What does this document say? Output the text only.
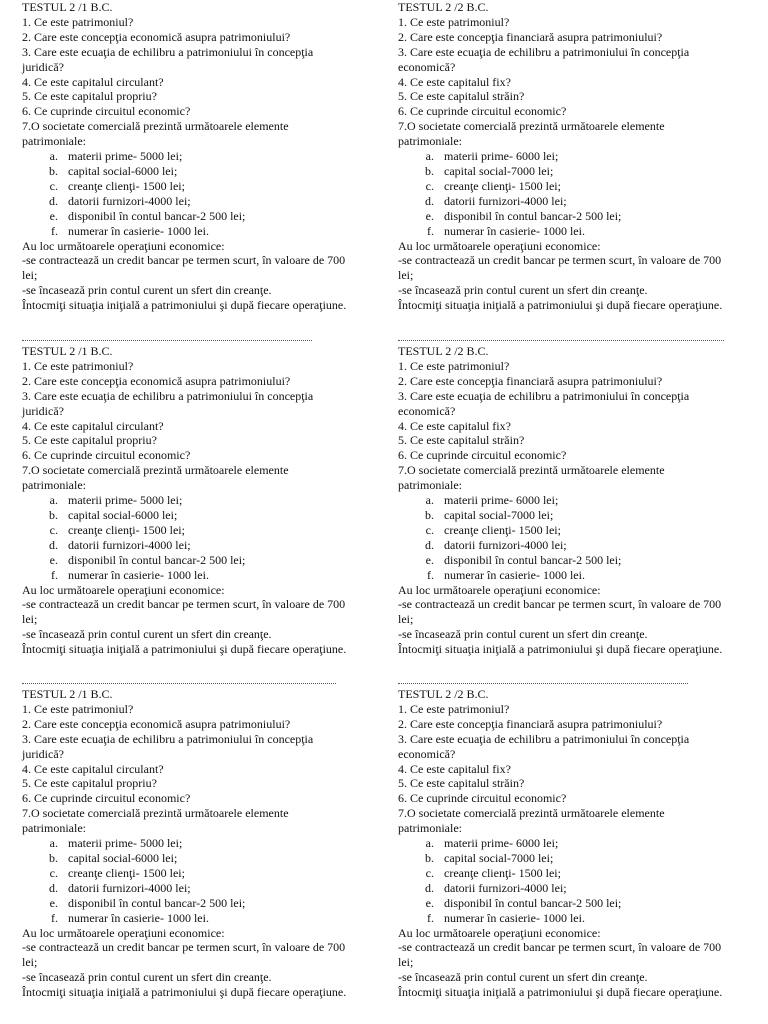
TESTUL 2 /1 B.C.

1. Ce este patrimoniul?

2. Care este concepţia economică asupra patrimoniului?

3. Care este ecuaţia de echilibru a patrimoniului în concepţia juridică?

4. Ce este capitalul circulant?

5. Ce este capitalul propriu?

6. Ce cuprinde circuitul economic?

7.O societate comercială prezintă următoarele elemente patrimoniale:

a. materii prime- 5000 lei;
b. capital social-6000 lei;
c. creanţe clienţi- 1500 lei;
d. datorii furnizori-4000 lei;
e. disponibil în contul bancar-2 500 lei;
f. numerar în casierie- 1000 lei.

Au loc următoarele operaţiuni economice:

-se contractează un credit bancar pe termen scurt, în valoare de 700 lei;

-se încasează prin contul curent un sfert din creanţe.

Întocmiţi situaţia iniţială a patrimoniului şi după fiecare operaţiune.

TESTUL 2 /2 B.C.

1. Ce este patrimoniul?

2. Care este concepţia financiară asupra patrimoniului?

3. Care este ecuaţia de echilibru a patrimoniului în concepţia economică?

4. Ce este capitalul fix?

5. Ce este capitalul străin?

6. Ce cuprinde circuitul economic?

7.O societate comercială prezintă următoarele elemente patrimoniale:

a. materii prime- 6000 lei;
b. capital social-7000 lei;
c. creanţe clienţi- 1500 lei;
d. datorii furnizori-4000 lei;
e. disponibil în contul bancar-2 500 lei;
f. numerar în casierie- 1000 lei.

Au loc următoarele operaţiuni economice:

-se contractează un credit bancar pe termen scurt, în valoare de 700 lei;

-se încasează prin contul curent un sfert din creanţe.

Întocmiţi situaţia iniţială a patrimoniului şi după fiecare operaţiune.

TESTUL 2 /1 B.C.

1. Ce este patrimoniul?

2. Care este concepţia economică asupra patrimoniului?

3. Care este ecuaţia de echilibru a patrimoniului în concepţia juridică?

4. Ce este capitalul circulant?

5. Ce este capitalul propriu?

6. Ce cuprinde circuitul economic?

7.O societate comercială prezintă următoarele elemente patrimoniale:

a. materii prime- 5000 lei;
b. capital social-6000 lei;
c. creanţe clienţi- 1500 lei;
d. datorii furnizori-4000 lei;
e. disponibil în contul bancar-2 500 lei;
f. numerar în casierie- 1000 lei.

Au loc următoarele operaţiuni economice:

-se contractează un credit bancar pe termen scurt, în valoare de 700 lei;

-se încasează prin contul curent un sfert din creanţe.

Întocmiţi situaţia iniţială a patrimoniului şi după fiecare operaţiune.

TESTUL 2 /2 B.C.

1. Ce este patrimoniul?

2. Care este concepţia financiară asupra patrimoniului?

3. Care este ecuaţia de echilibru a patrimoniului în concepţia economică?

4. Ce este capitalul fix?

5. Ce este capitalul străin?

6. Ce cuprinde circuitul economic?

7.O societate comercială prezintă următoarele elemente patrimoniale:

a. materii prime- 6000 lei;
b. capital social-7000 lei;
c. creanţe clienţi- 1500 lei;
d. datorii furnizori-4000 lei;
e. disponibil în contul bancar-2 500 lei;
f. numerar în casierie- 1000 lei.

Au loc următoarele operaţiuni economice:

-se contractează un credit bancar pe termen scurt, în valoare de 700 lei;

-se încasează prin contul curent un sfert din creanţe.

Întocmiţi situaţia iniţială a patrimoniului şi după fiecare operaţiune.

TESTUL 2 /1 B.C.

1. Ce este patrimoniul?

2. Care este concepţia economică asupra patrimoniului?

3. Care este ecuaţia de echilibru a patrimoniului în concepţia juridică?

4. Ce este capitalul circulant?

5. Ce este capitalul propriu?

6. Ce cuprinde circuitul economic?

7.O societate comercială prezintă următoarele elemente patrimoniale:

a. materii prime- 5000 lei;
b. capital social-6000 lei;
c. creanţe clienţi- 1500 lei;
d. datorii furnizori-4000 lei;
e. disponibil în contul bancar-2 500 lei;
f. numerar în casierie- 1000 lei.

Au loc următoarele operaţiuni economice:

-se contractează un credit bancar pe termen scurt, în valoare de 700 lei;

-se încasează prin contul curent un sfert din creanţe.

Întocmiţi situaţia iniţială a patrimoniului şi după fiecare operaţiune.

TESTUL 2 /2 B.C.

1. Ce este patrimoniul?

2. Care este concepţia financiară asupra patrimoniului?

3. Care este ecuaţia de echilibru a patrimoniului în concepţia economică?

4. Ce este capitalul fix?

5. Ce este capitalul străin?

6. Ce cuprinde circuitul economic?

7.O societate comercială prezintă următoarele elemente patrimoniale:

a. materii prime- 6000 lei;
b. capital social-7000 lei;
c. creanţe clienţi- 1500 lei;
d. datorii furnizori-4000 lei;
e. disponibil în contul bancar-2 500 lei;
f. numerar în casierie- 1000 lei.

Au loc următoarele operaţiuni economice:

-se contractează un credit bancar pe termen scurt, în valoare de 700 lei;

-se încasează prin contul curent un sfert din creanţe.

Întocmiţi situaţia iniţială a patrimoniului şi după fiecare operaţiune.
